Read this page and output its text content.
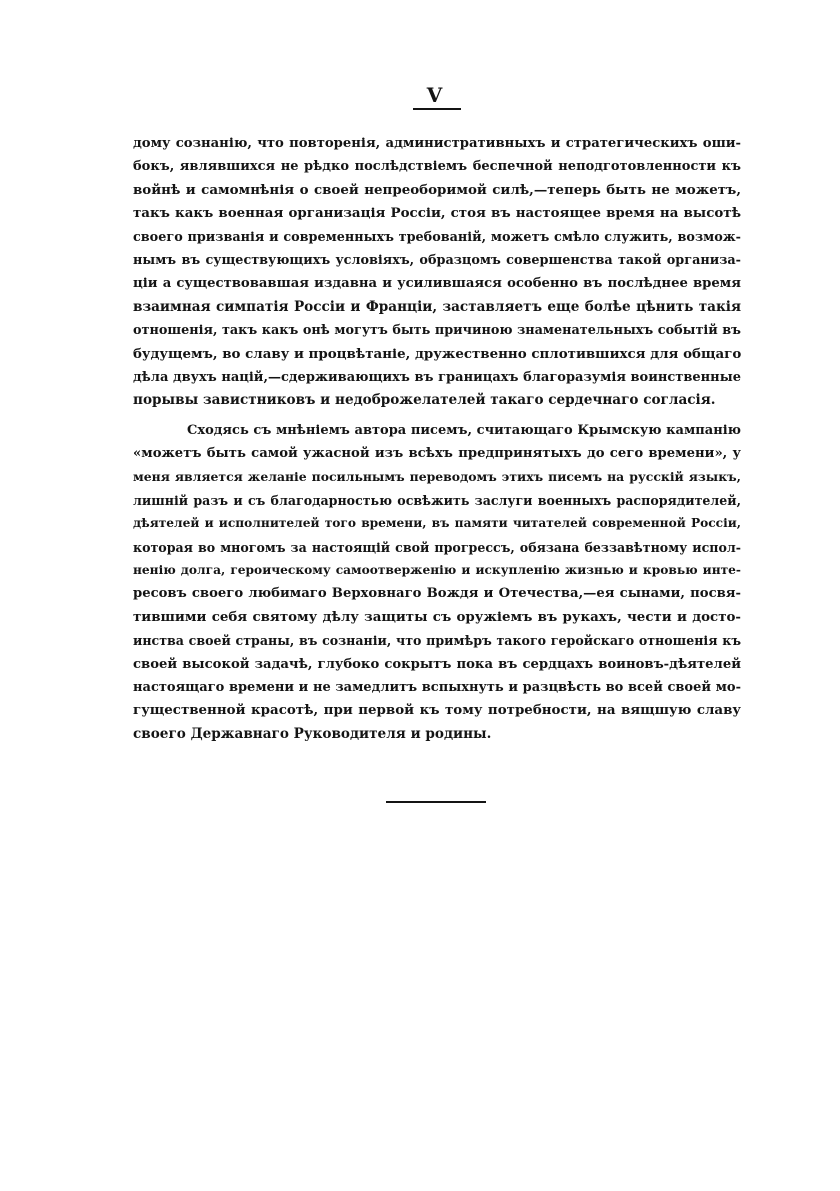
V
дому сознанію, что повторенія, административныхъ и стратегическихъ оши-
бокъ, являвшихся не рѣдко послѣдствіемъ беспечной неподготовленности къ
войнѣ и самомнѣнія о своей непреоборимой силѣ,—теперь быть не можетъ,
такъ какъ военная организація Россіи, стоя въ настоящее время на высотѣ
своего призванія и современныхъ требованій, можетъ смѣло служить, возмож-
нымъ въ существующихъ условіяхъ, образцомъ совершенства такой организа-
ціи а существовавшая издавна и усилившаяся особенно въ послѣднее время
взаимная симпатія Россіи и Франціи, заставляетъ еще болѣе цѣнить такія
отношенія, такъ какъ онѣ могутъ быть причиною знаменательныхъ событій въ
будущемъ, во славу и процвѣтаніе, дружественно сплотившихся для общаго
дѣла двухъ націй,—сдерживающихъ въ границахъ благоразумія воинственные
порывы завистниковъ и недоброжелателей такаго сердечнаго согласія.
Сходясь съ мнѣніемъ автора писемъ, считающаго Крымскую кампанію
«можетъ быть самой ужасной изъ всѣхъ предпринятыхъ до сего времени», у
меня является желаніе посильнымъ переводомъ этихъ писемъ на русскій языкъ,
лишній разъ и съ благодарностью освѣжить заслуги военныхъ распорядителей,
дѣятелей и исполнителей того времени, въ памяти читателей современной Россіи,
которая во многомъ за настоящій свой прогрессъ, обязана беззавѣтному испол-
ненію долга, героическому самоотверженію и искупленію жизнью и кровью инте-
ресовъ своего любимаго Верховнаго Вождя и Отечества,—ея сынами, посвя-
тившими себя святому дѣлу защиты съ оружіемъ въ рукахъ, чести и досто-
инства своей страны, въ сознаніи, что примѣръ такого геройскаго отношенія къ
своей высокой задачѣ, глубоко сокрытъ пока въ сердцахъ воиновъ-дѣятелей
настоящаго времени и не замедлитъ вспыхнуть и разцвѣсть во всей своей мо-
гущественной красотѣ, при первой къ тому потребности, на вящшую славу
своего Державнаго Руководителя и родины.
